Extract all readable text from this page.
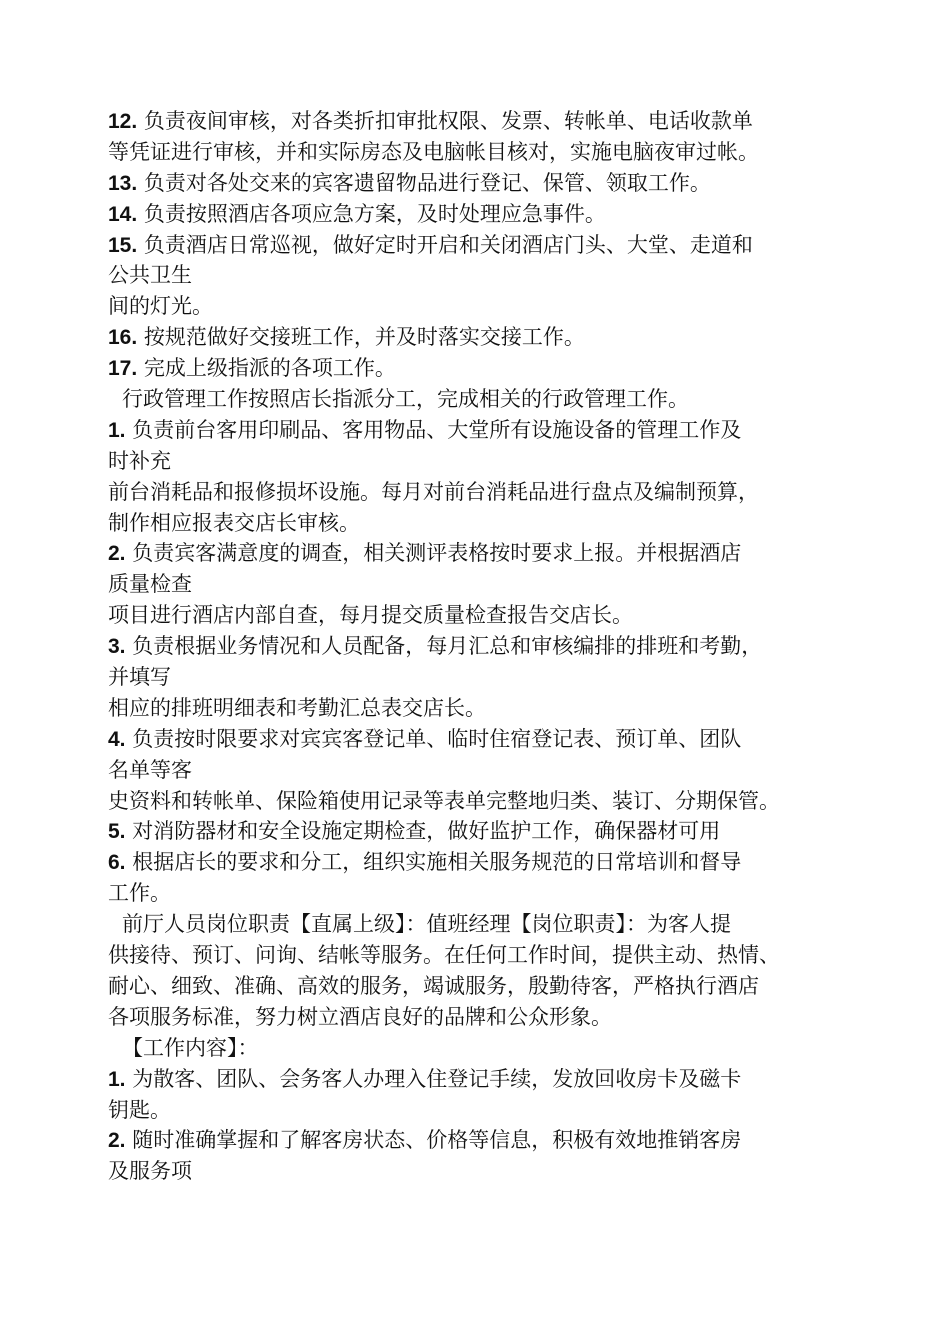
12. 负责夜间审核，对各类折扣审批权限、发票、转帐单、电话收款单
等凭证进行审核，并和实际房态及电脑帐目核对，实施电脑夜审过帐。
13. 负责对各处交来的宾客遗留物品进行登记、保管、领取工作。
14. 负责按照酒店各项应急方案，及时处理应急事件。
15. 负责酒店日常巡视，做好定时开启和关闭酒店门头、大堂、走道和
公共卫生
间的灯光。
16. 按规范做好交接班工作，并及时落实交接工作。
17. 完成上级指派的各项工作。
行政管理工作按照店长指派分工，完成相关的行政管理工作。
1. 负责前台客用印刷品、客用物品、大堂所有设施设备的管理工作及
时补充
前台消耗品和报修损坏设施。每月对前台消耗品进行盘点及编制预算，
制作相应报表交店长审核。
2. 负责宾客满意度的调查，相关测评表格按时要求上报。并根据酒店
质量检查
项目进行酒店内部自查，每月提交质量检查报告交店长。
3. 负责根据业务情况和人员配备，每月汇总和审核编排的排班和考勤，
并填写
相应的排班明细表和考勤汇总表交店长。
4. 负责按时限要求对宾宾客登记单、临时住宿登记表、预订单、团队
名单等客
史资料和转帐单、保险箱使用记录等表单完整地归类、装订、分期保管。
5. 对消防器材和安全设施定期检查，做好监护工作，确保器材可用
6. 根据店长的要求和分工，组织实施相关服务规范的日常培训和督导
工作。
前厅人员岗位职责【直属上级】：值班经理【岗位职责】：为客人提
供接待、预订、问询、结帐等服务。在任何工作时间，提供主动、热情、
耐心、细致、准确、高效的服务，竭诚服务，殷勤待客，严格执行酒店
各项服务标准，努力树立酒店良好的品牌和公众形象。
【工作内容】：
1. 为散客、团队、会务客人办理入住登记手续，发放回收房卡及磁卡
钥匙。
2. 随时准确掌握和了解客房状态、价格等信息，积极有效地推销客房
及服务项
